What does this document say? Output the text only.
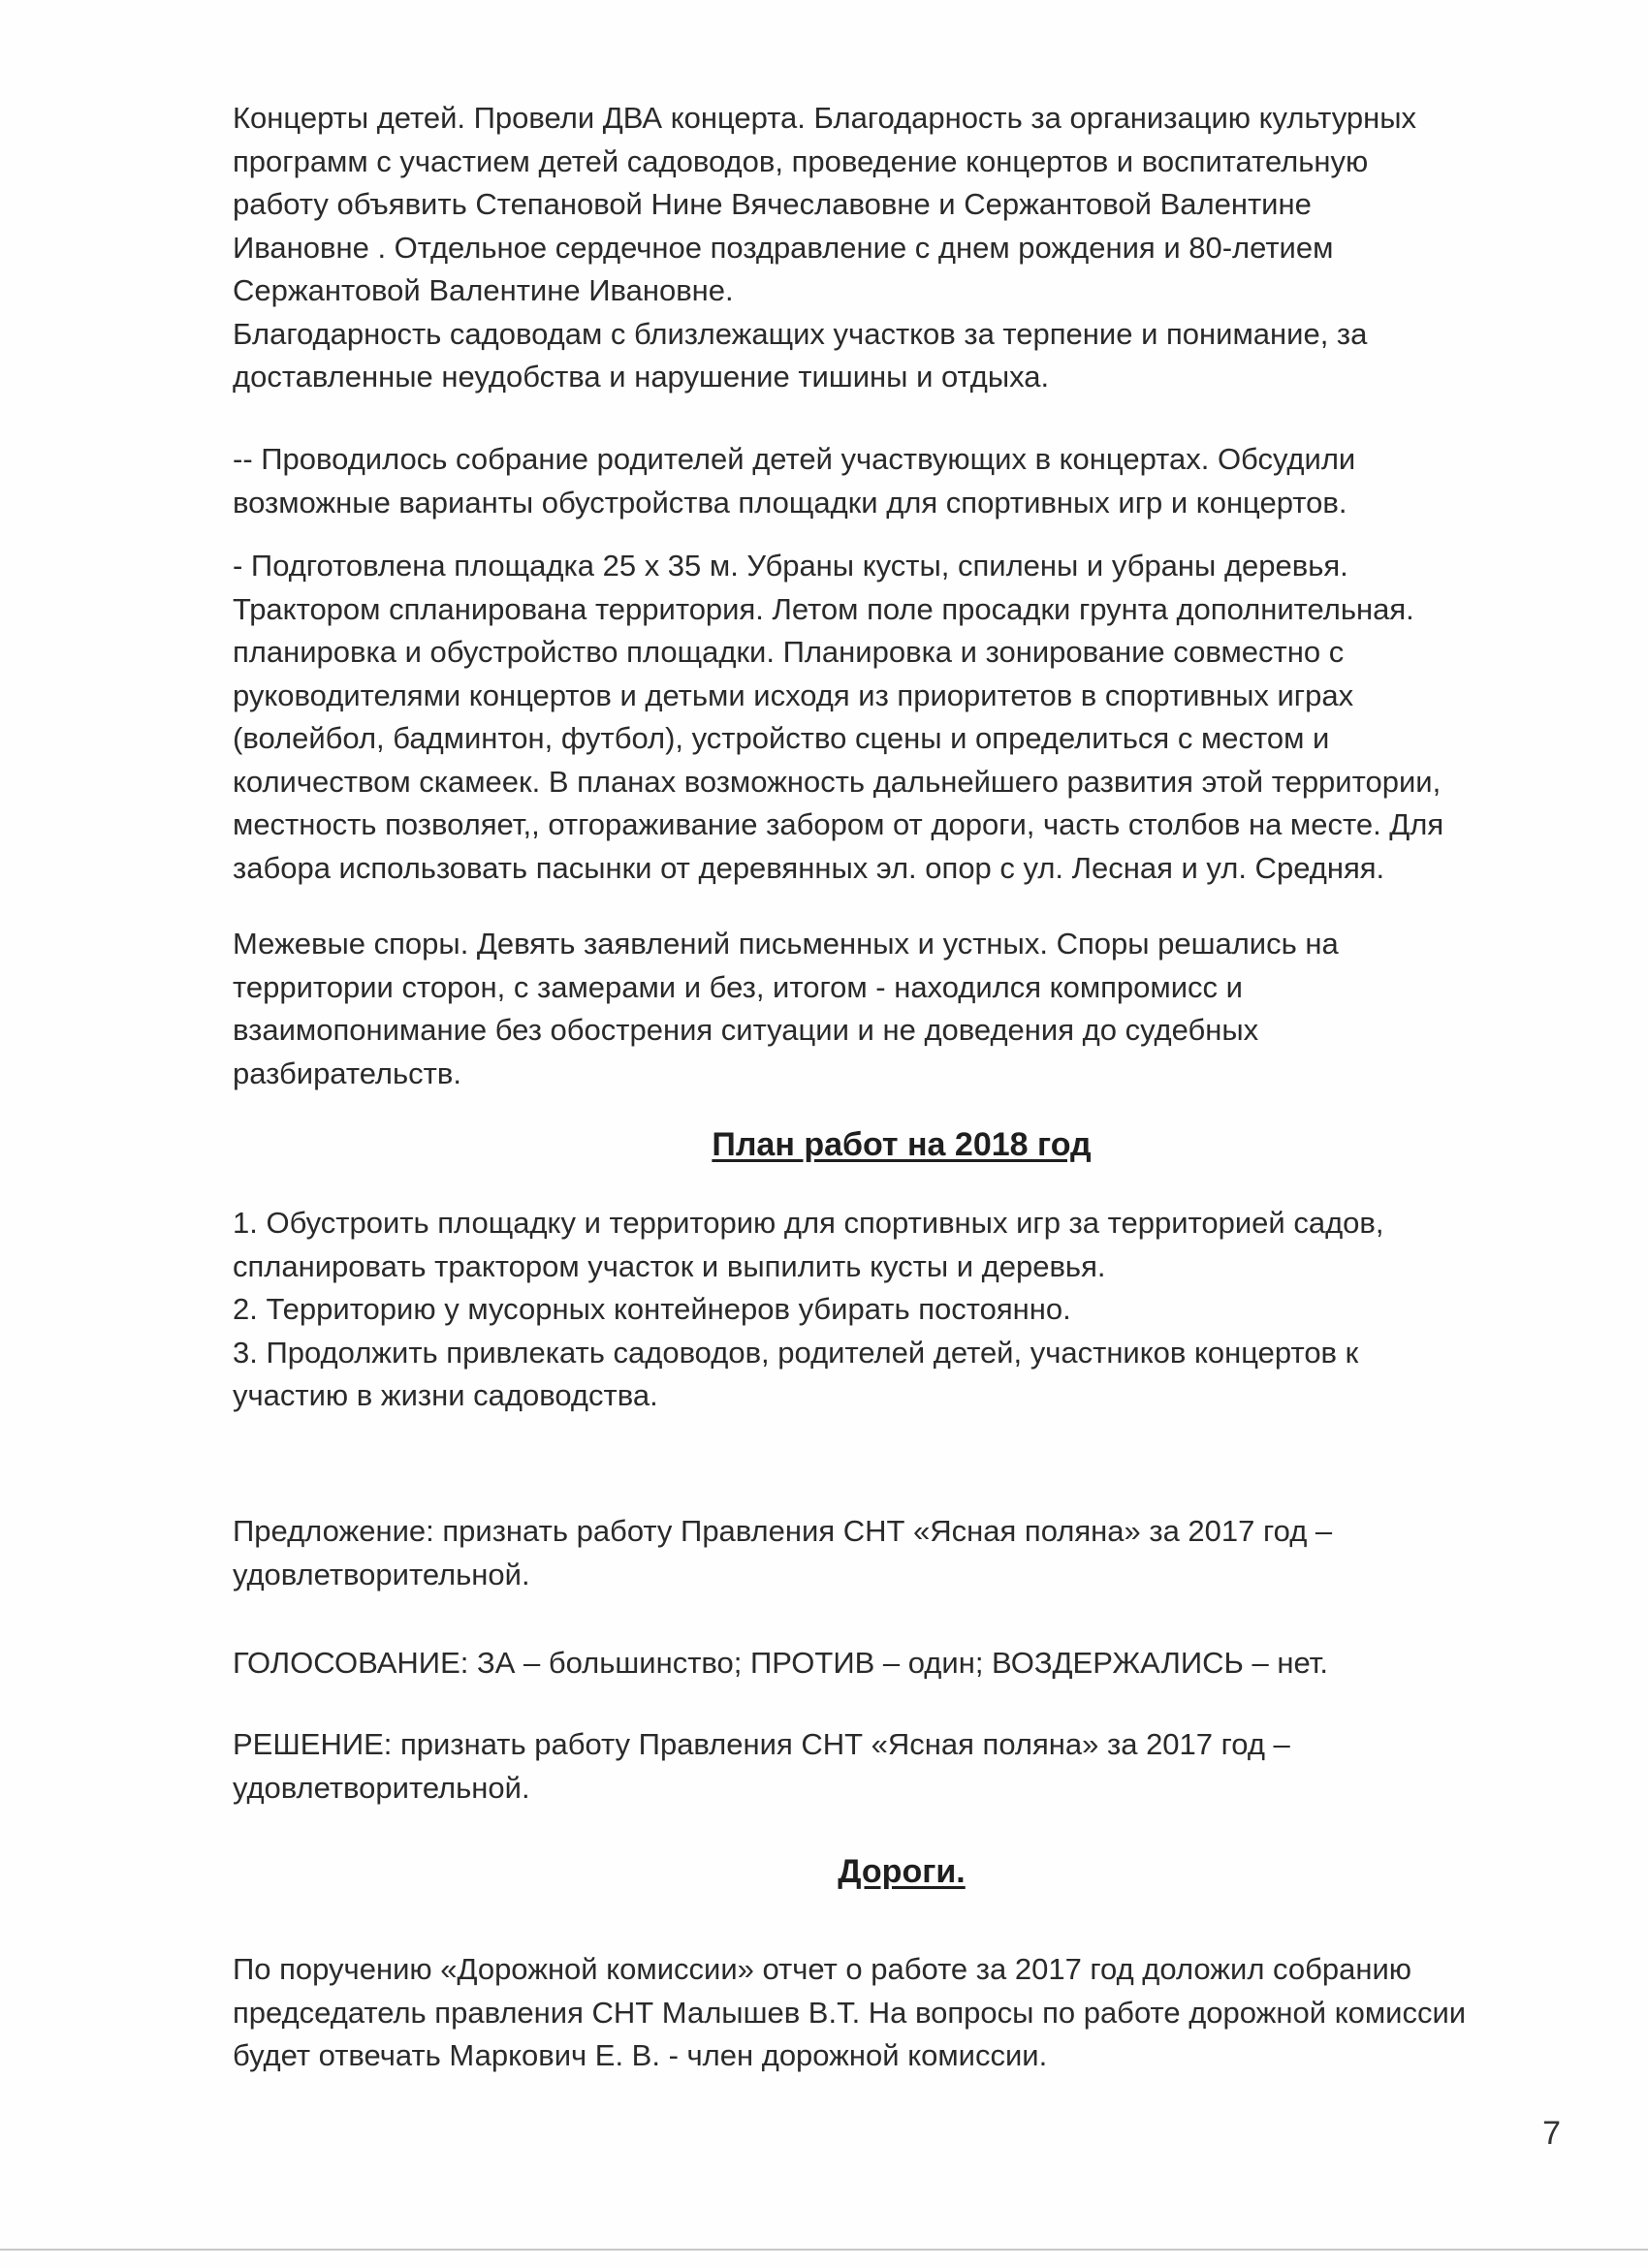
Концерты детей. Провели ДВА концерта. Благодарность за организацию культурных

программ с участием детей садоводов, проведение концертов и воспитательную

работу объявить Степановой Нине Вячеславовне и Сержантовой Валентине

Ивановне . Отдельное сердечное поздравление с днем рождения и 80-летием

Сержантовой Валентине Ивановне.

Благодарность садоводам с близлежащих участков за терпение и понимание, за

доставленные неудобства и нарушение тишины и отдыха.

-- Проводилось собрание родителей детей участвующих в концертах. Обсудили

возможные варианты обустройства площадки для спортивных игр и концертов.

- Подготовлена площадка 25 х 35 м. Убраны кусты, спилены и убраны деревья.

Трактором спланирована территория. Летом поле просадки грунта дополнительная.

планировка и обустройство площадки. Планировка и зонирование совместно с

руководителями концертов и детьми исходя из приоритетов в спортивных играх

(волейбол, бадминтон, футбол), устройство сцены и определиться с местом и

количеством скамеек. В планах возможность дальнейшего развития этой территории,

местность позволяет,, отгораживание забором от дороги, часть столбов на месте. Для

забора использовать пасынки от деревянных эл. опор с ул. Лесная и ул. Средняя.

Межевые споры. Девять заявлений письменных и устных. Споры решались на

территории сторон, с замерами и без, итогом - находился компромисс и

взаимопонимание без обострения ситуации и не доведения до судебных

разбирательств.

План работ на 2018 год

1. Обустроить площадку и территорию для спортивных игр за территорией садов,

спланировать трактором участок и выпилить кусты и деревья.

2. Территорию у мусорных контейнеров убирать постоянно.

3. Продолжить привлекать садоводов, родителей детей, участников концертов к

участию в жизни садоводства.

Предложение: признать работу Правления СНТ «Ясная поляна» за 2017 год –

удовлетворительной.

ГОЛОСОВАНИЕ: ЗА – большинство; ПРОТИВ – один; ВОЗДЕРЖАЛИСЬ – нет.

РЕШЕНИЕ: признать работу Правления СНТ «Ясная поляна» за 2017 год –

удовлетворительной.

Дороги.

По поручению «Дорожной комиссии» отчет о работе за 2017 год доложил собранию

председатель правления СНТ Малышев В.Т. На вопросы по работе дорожной комиссии

будет отвечать Маркович Е. В. - член дорожной комиссии.

7
